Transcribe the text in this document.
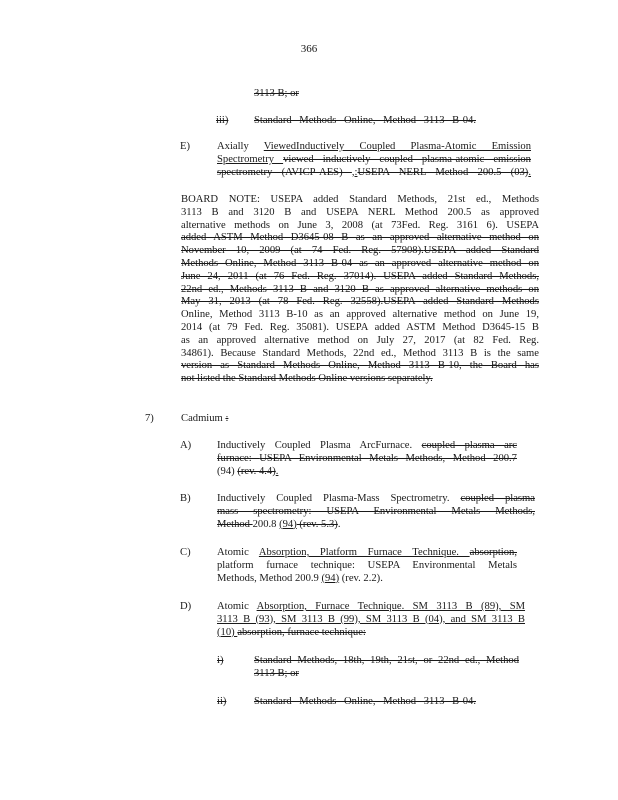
366
3113 B; or
iii) Standard Methods Online, Method 3113 B-04.
E)	Axially ViewedInductively Coupled Plasma-Atomic Emission
Spectrometry viewed inductively coupled plasma-atomic emission
spectrometry (AVICP-AES) ,:USEPA NERL Method 200.5 (03).
BOARD NOTE: USEPA added Standard Methods, 21st ed., Methods
3113 B and 3120 B and USEPA NERL Method 200.5 as approved
alternative methods on June 3, 2008 (at 73Fed. Reg. 3161 6). USEPA
added ASTM Method D3645-08 B as an approved alternative method on
November 10, 2009 (at 74 Fed. Reg. 57908).USEPA added Standard
Methods Online, Method 3113 B-04 as an approved alternative method on
June 24, 2011 (at 76 Fed. Reg. 37014). USEPA added Standard Methods,
22nd ed., Methods 3113 B and 3120 B as approved alternative methods on
May 31, 2013 (at 78 Fed. Reg. 32558).USEPA added Standard Methods
Online, Method 3113 B-10 as an approved alternative method on June 19,
2014 (at 79 Fed. Reg. 35081). USEPA added ASTM Method D3645-15 B
as an approved alternative method on July 27, 2017 (at 82 Fed. Reg.
34861). Because Standard Methods, 22nd ed., Method 3113 B is the same
version as Standard Methods Online, Method 3113 B-10, the Board has
not listed the Standard Methods Online versions separately.
7)	Cadmium :
A) Inductively Coupled Plasma ArcFurnace. coupled plasma arc
furnace: USEPA Environmental Metals Methods, Method 200.7
(94) (rev. 4.4).
B) Inductively Coupled Plasma-Mass Spectrometry. coupled plasma
mass spectrometry: USEPA Environmental Metals Methods,
Method 200.8 (94) (rev. 5.3).
C) Atomic Absorption, Platform Furnace Technique. absorption,
platform furnace technique: USEPA Environmental Metals
Methods, Method 200.9 (94) (rev. 2.2).
D) Atomic Absorption, Furnace Technique. SM 3113 B (89), SM
3113 B (93), SM 3113 B (99), SM 3113 B (04), and SM 3113 B
(10) absorption, furnace technique:
i)	Standard Methods, 18th, 19th, 21st, or 22nd ed., Method
3113 B; or
ii)	Standard Methods Online, Method 3113 B-04.
